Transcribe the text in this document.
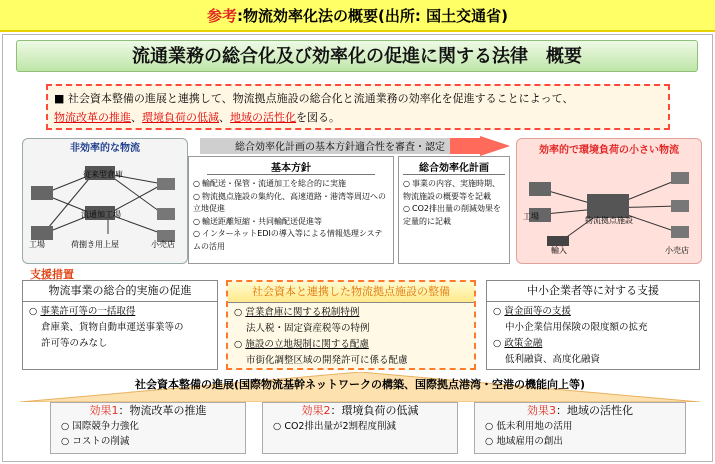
参考:物流効率化法の概要(出所: 国土交通省)
流通業務の総合化及び効率化の促進に関する法律　概要
■ 社会資本整備の進展と連携して、物流拠点施設の総合化と流通業務の効率化を促進することによって、
物流改革の推進、環境負荷の低減、地域の活性化を図る。
非効率的な物流
従来型倉庫
流通加工場
工場	荷捌き用上屋	小売店
総合効率化計画の基本方針適合性を審査・認定
基本方針
○ 輸配送・保管・流通加工を総合的に実施
○ 物流拠点施設の集約化、高速道路・港湾等周辺への立地促進
○ 輸送距離短縮・共同輸配送促進等
○ インターネットEDIの導入等による情報処理システムの活用
総合効率化計画
○ 事業の内容、実施時期、物流施設の概要等を記載
○ CO2排出量の削減効果を定量的に記載
効率的で環境負荷の小さい物流
工場	物流拠点施設
輸入	小売店
支援措置
物流事業の総合的実施の促進
○ 事業許可等の一括取得
倉庫業、貨物自動車運送事業等の
許可等のみなし
社会資本と連携した物流拠点施設の整備
○ 営業倉庫に関する税制特例
法人税・固定資産税等の特例
○ 施設の立地規制に関する配慮
市街化調整区域の開発許可に係る配慮
中小企業者等に対する支援
○ 資金面等の支援
中小企業信用保険の限度額の拡充
○ 政策金融
低利融資、高度化融資
社会資本整備の進展(国際物流基幹ネットワークの構築、国際拠点港湾・空港の機能向上等)
効果1：物流改革の推進
○ 国際競争力強化
○ コストの削減
効果2：環境負荷の低減
○ CO2排出量が2割程度削減
効果3：地域の活性化
○ 低未利用地の活用
○ 地域雇用の創出
